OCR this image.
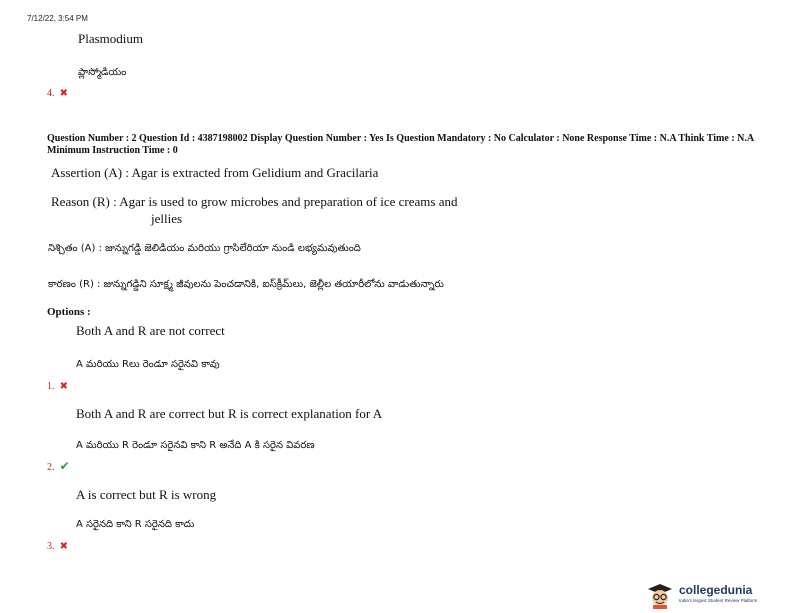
7/12/22, 3:54 PM
Plasmodium
ప్లాస్మోడియం
4. ✖
Question Number : 2 Question Id : 4387198002 Display Question Number : Yes Is Question Mandatory : No Calculator : None Response Time : N.A Think Time : N.A Minimum Instruction Time : 0
Assertion (A) : Agar is extracted from Gelidium and Gracilaria
Reason (R) : Agar is used to grow microbes and preparation of ice creams and
jellies
నిశ్చితం (A) : జున్నుగడ్డి జెలిడియం మరియు గ్రాసిలేరియా నుండి లభ్యమవుతుంది
కారణం (R) : జున్నుగడ్డిని సూక్ష్మ జీవులను పెంచడానికి, ఐస్‌క్రీమ్‌లు, జెల్లీల తయారీలోను వాడుతున్నారు
Options :
Both A and R are not correct
A మరియు Rలు రెండూ సరైనవి కావు
1. ✖
Both A and R are correct but R is correct explanation for A
A మరియు R రెండూ సరైనవి కాని R అనేది A కి సరైన వివరణ
2. ✔
A is correct but R is wrong
A సరైనది కాని R సరైనది కాదు
3. ✖
collegedunia
India's largest Student Review Platform
